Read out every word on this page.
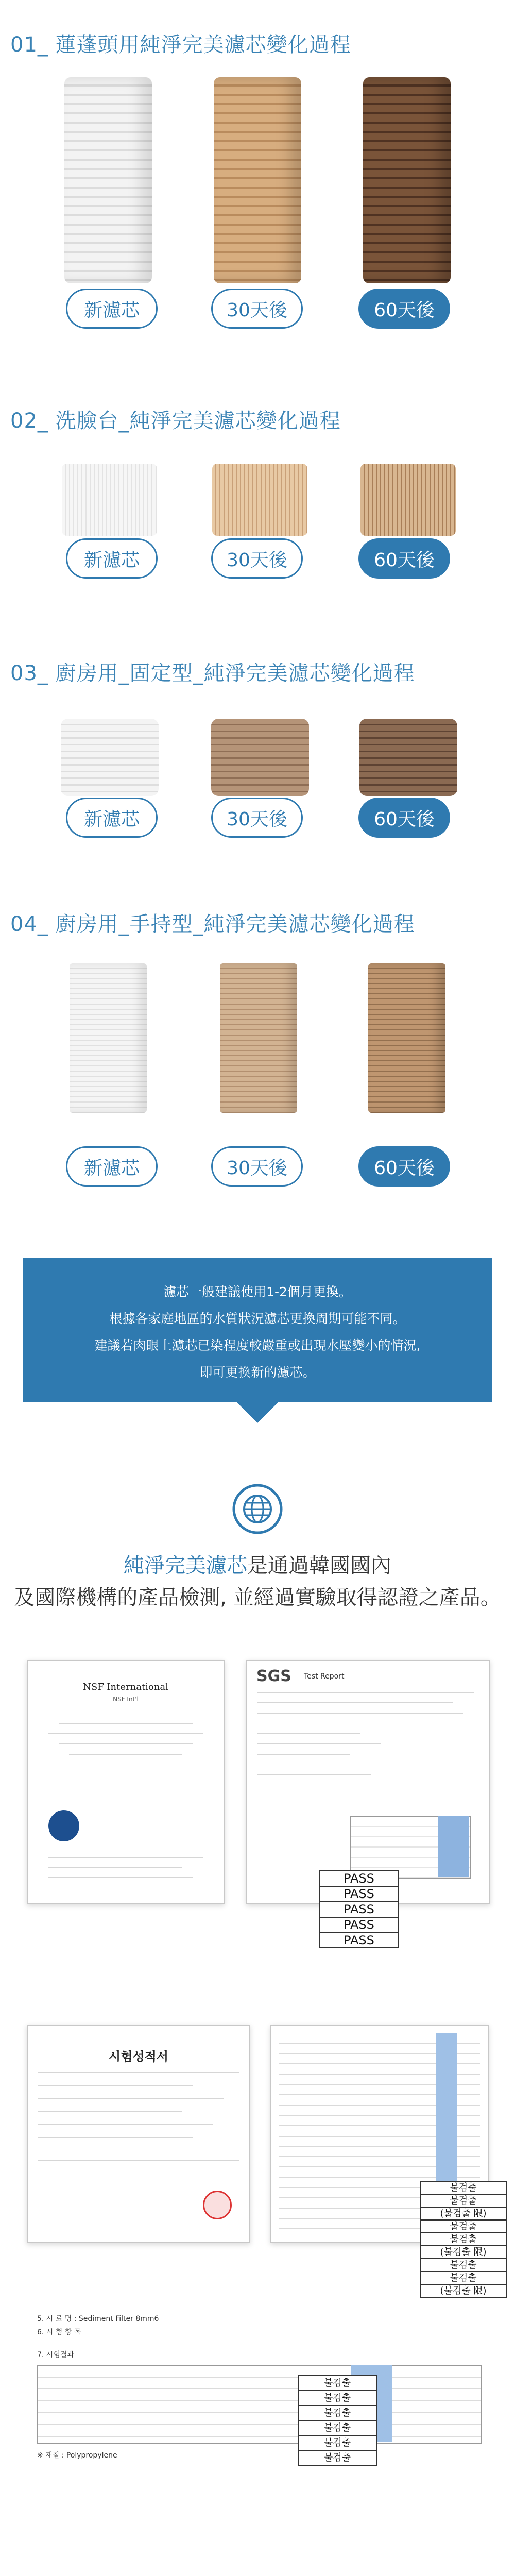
01_ 蓮蓬頭用純淨完美濾芯變化過程
新濾芯	30天後	60天後
02_ 洗臉台_純淨完美濾芯變化過程
新濾芯	30天後	60天後
03_ 廚房用_固定型_純淨完美濾芯變化過程
新濾芯	30天後	60天後
04_ 廚房用_手持型_純淨完美濾芯變化過程
新濾芯	30天後	60天後
濾芯一般建議使用1-2個月更換。
根據各家庭地區的水質狀況濾芯更換周期可能不同。
建議若肉眼上濾芯已染程度較嚴重或出現水壓變小的情況,
即可更換新的濾芯。
純淨完美濾芯是通過韓國國內
及國際機構的產品檢測, 並經過實驗取得認證之產品。
NSF International
NSF Int'l
SGS Test Report
PASS
PASS
PASS
PASS
PASS
시험성적서
불검출
불검출
(불검출 限)
불검출
불검출
(불검출 限)
불검출
불검출
(불검출 限)
5. 시 료 명 : Sediment Filter 8mm6
6. 시 험 항 목
7. 시험결과
※ 재질 : Polypropylene
불검출
불검출
불검출
불검출
불검출
불검출
